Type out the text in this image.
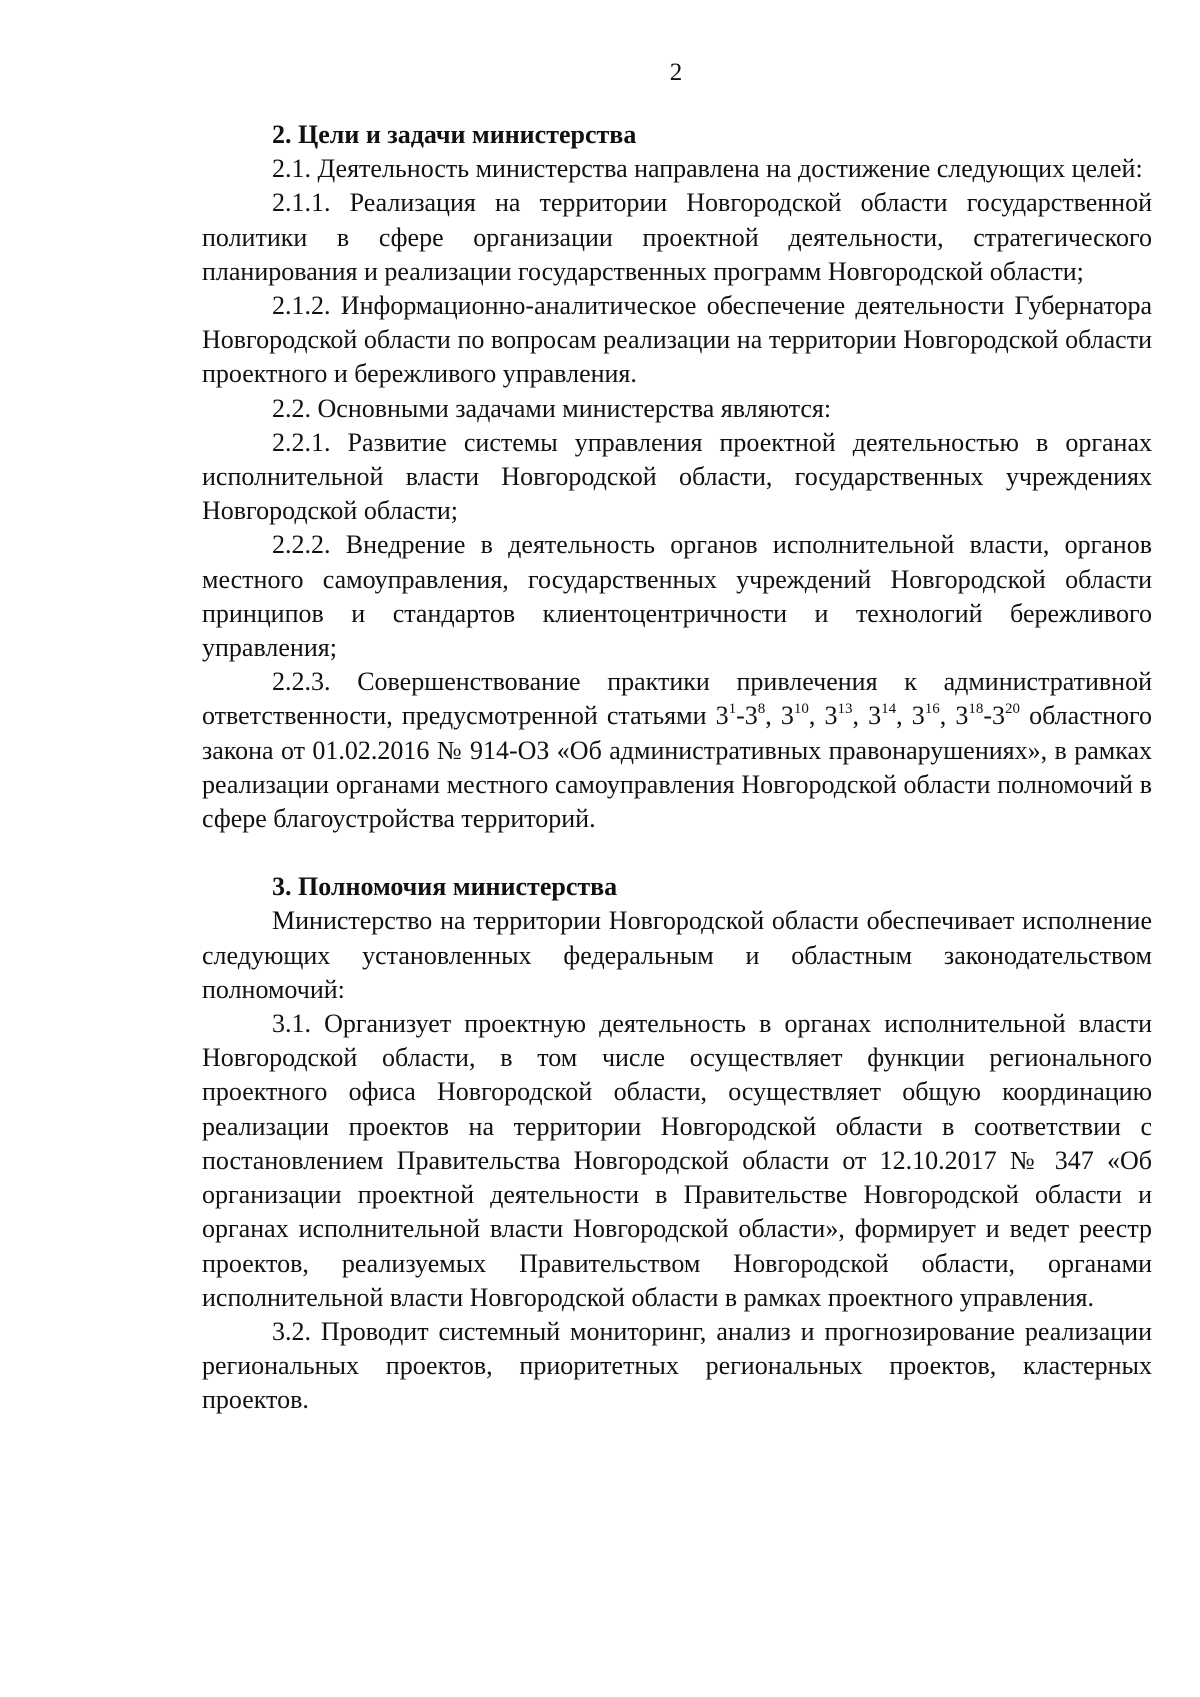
2

2. Цели и задачи министерства

2.1. Деятельность министерства направлена на достижение следующих целей:

2.1.1. Реализация на территории Новгородской области государственной политики в сфере организации проектной деятельности, стратегического планирования и реализации государственных программ Новгородской области;

2.1.2. Информационно-аналитическое обеспечение деятельности Губернатора Новгородской области по вопросам реализации на территории Новгородской области проектного и бережливого управления.

2.2. Основными задачами министерства являются:

2.2.1. Развитие системы управления проектной деятельностью в органах исполнительной власти Новгородской области, государственных учреждениях Новгородской области;

2.2.2. Внедрение в деятельность органов исполнительной власти, органов местного самоуправления, государственных учреждений Новгородской области принципов и стандартов клиентоцентричности и технологий бережливого управления;

2.2.3. Совершенствование практики привлечения к административной ответственности, предусмотренной статьями $3^1-3^8$, $3^{10}$, $3^{13}$, $3^{14}$, $3^{16}$, $3^{18}-3^{20}$ областного закона от 01.02.2016 № 914-ОЗ «Об административных правонарушениях», в рамках реализации органами местного самоуправления Новгородской области полномочий в сфере благоустройства территорий.

3. Полномочия министерства

Министерство на территории Новгородской области обеспечивает исполнение следующих установленных федеральным и областным законодательством полномочий:

3.1. Организует проектную деятельность в органах исполнительной власти Новгородской области, в том числе осуществляет функции регионального проектного офиса Новгородской области, осуществляет общую координацию реализации проектов на территории Новгородской области в соответствии с постановлением Правительства Новгородской области от 12.10.2017 № 347 «Об организации проектной деятельности в Правительстве Новгородской области и органах исполнительной власти Новгородской области», формирует и ведет реестр проектов, реализуемых Правительством Новгородской области, органами исполнительной власти Новгородской области в рамках проектного управления.

3.2. Проводит системный мониторинг, анализ и прогнозирование реализации региональных проектов, приоритетных региональных проектов, кластерных проектов.
